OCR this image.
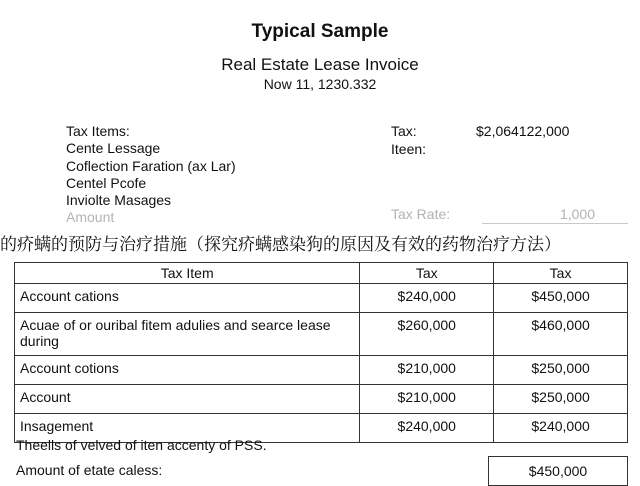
Typical Sample
Real Estate Lease Invoice
Now 11, 1230.332
Tax Items:
Cente Lessage
Coflection Faration (ax Lar)
Centel Pcofe
Inviolte Masages
Amount
Tax:	$2,064122,000
Iteen:
Tax Rate:	1,000
的疥螨的预防与治疗措施（探究疥螨感染狗的原因及有效的药物治疗方法）
Tax Item	Tax	Tax
Account cations	$240,000	$450,000
Acuae of or ouribal fitem adulies and searce lease during	$260,000	$460,000
Account cotions	$210,000	$250,000
Account	$210,000	$250,000
Insagement	$240,000	$240,000
Theells of velved of iten accenty of PSS.
Amount of etate caless:	$450,000
